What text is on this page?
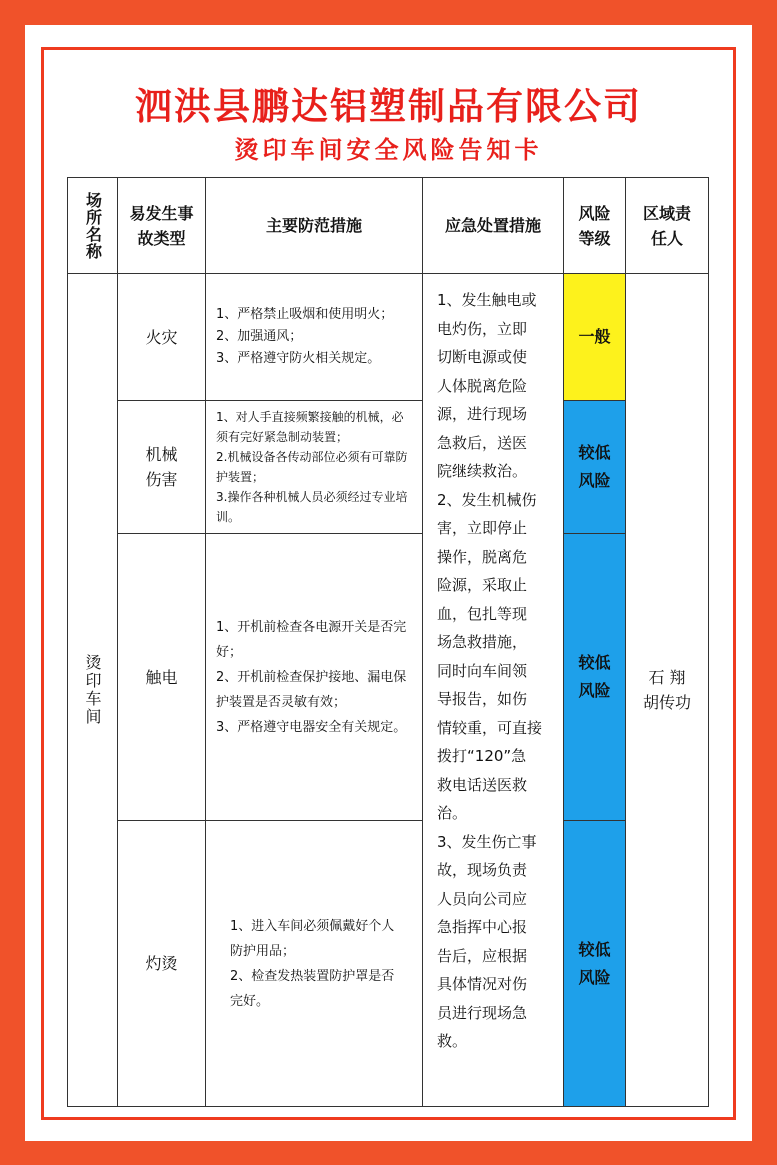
泗洪县鹏达铝塑制品有限公司
烫印车间安全风险告知卡
场所名称	易发生事故类型
主要防范措施	应急处置措施
风险等级
区域责任人
烫印车间
火灾
1、严格禁止吸烟和使用明火；
2、加强通风；
3、严格遵守防火相关规定。
机械
伤害
1、对人手直接频繁接触的机械，必须有完好紧急制动装置；
2.机械设备各传动部位必须有可靠防护装置；
3.操作各种机械人员必须经过专业培训。
触电
1、开机前检查各电源开关是否完好；
2、开机前检查保护接地、漏电保护装置是否灵敏有效；
3、严格遵守电器安全有关规定。
灼烫
1、进入车间必须佩戴好个人防护用品；
2、检查发热装置防护罩是否完好。
1、发生触电或
电灼伤，立即
切断电源或使
人体脱离危险
源，进行现场
急救后，送医
院继续救治。
2、发生机械伤
害，立即停止
操作，脱离危
险源，采取止
血，包扎等现
场急救措施，
同时向车间领
导报告，如伤
情较重，可直接
拨打“120”急
救电话送医救
治。
3、发生伤亡事
故，现场负责
人员向公司应
急指挥中心报
告后，应根据
具体情况对伤
员进行现场急
救。
一般
较低
风险
较低
风险
较低
风险
石 翔
胡传功
